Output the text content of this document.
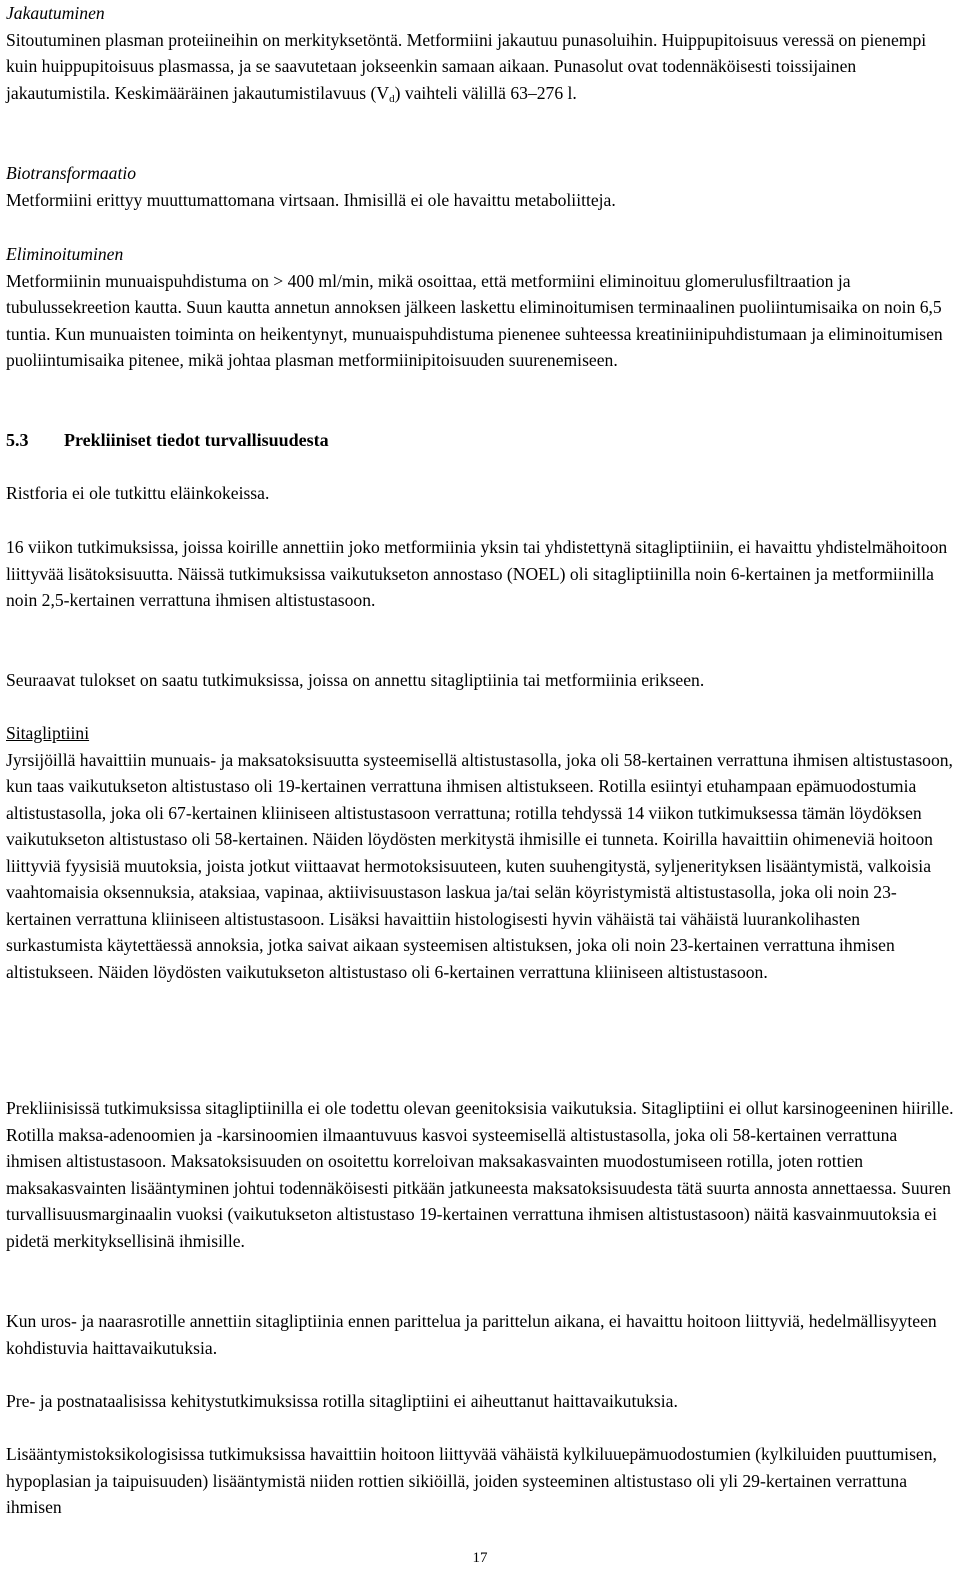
Jakautuminen

Sitoutuminen plasman proteiineihin on merkityksetöntä. Metformiini jakautuu punasoluihin. Huippupitoisuus veressä on pienempi kuin huippupitoisuus plasmassa, ja se saavutetaan jokseenkin samaan aikaan. Punasolut ovat todennäköisesti toissijainen jakautumistila. Keskimääräinen jakautumistilavuus $(V_d)$ vaihteli välillä 63–276 l.

Biotransformaatio

Metformiini erittyy muuttumattomana virtsaan. Ihmisillä ei ole havaittu metaboliitteja.

Eliminoituminen

Metformiinin munuaispuhdistuma on > 400 ml/min, mikä osoittaa, että metformiini eliminoituu glomerulusfiltraation ja tubulussekreetion kautta. Suun kautta annetun annoksen jälkeen laskettu eliminoitumisen terminaalinen puoliintumisaika on noin 6,5 tuntia. Kun munuaisten toiminta on heikentynyt, munuaispuhdistuma pienenee suhteessa kreatiniinipuhdistumaan ja eliminoitumisen puoliintumisaika pitenee, mikä johtaa plasman metformiinipitoisuuden suurenemiseen.

5.3 Prekliiniset tiedot turvallisuudesta

Ristforia ei ole tutkittu eläinkokeissa.

16 viikon tutkimuksissa, joissa koirille annettiin joko metformiinia yksin tai yhdistettynä sitagliptiiniin, ei havaittu yhdistelmähoitoon liittyvää lisätoksisuutta. Näissä tutkimuksissa vaikutukseton annostaso (NOEL) oli sitagliptiinilla noin 6-kertainen ja metformiinilla noin 2,5-kertainen verrattuna ihmisen altistustasoon.

Seuraavat tulokset on saatu tutkimuksissa, joissa on annettu sitagliptiinia tai metformiinia erikseen.

Sitagliptiini

Jyrsijöillä havaittiin munuais- ja maksatoksisuutta systeemisellä altistustasolla, joka oli 58-kertainen verrattuna ihmisen altistustasoon, kun taas vaikutukseton altistustaso oli 19-kertainen verrattuna ihmisen altistukseen. Rotilla esiintyi etuhampaan epämuodostumia altistustasolla, joka oli 67-kertainen kliiniseen altistustasoon verrattuna; rotilla tehdyssä 14 viikon tutkimuksessa tämän löydöksen vaikutukseton altistustaso oli 58-kertainen. Näiden löydösten merkitystä ihmisille ei tunneta. Koirilla havaittiin ohimeneviä hoitoon liittyviä fyysisiä muutoksia, joista jotkut viittaavat hermotoksisuuteen, kuten suuhengitystä, syljenerityksen lisääntymistä, valkoisia vaahtomaisia oksennuksia, ataksiaa, vapinaa, aktiivisuustason laskua ja/tai selän köyristymistä altistustasolla, joka oli noin 23-kertainen verrattuna kliiniseen altistustasoon. Lisäksi havaittiin histologisesti hyvin vähäistä tai vähäistä luurankolihasten surkastumista käytettäessä annoksia, jotka saivat aikaan systeemisen altistuksen, joka oli noin 23-kertainen verrattuna ihmisen altistukseen. Näiden löydösten vaikutukseton altistustaso oli 6-kertainen verrattuna kliiniseen altistustasoon.

Prekliinisissä tutkimuksissa sitagliptiinilla ei ole todettu olevan geenitoksisia vaikutuksia. Sitagliptiini ei ollut karsinogeeninen hiirille. Rotilla maksa-adenoomien ja -karsinoomien ilmaantuvuus kasvoi systeemisellä altistustasolla, joka oli 58-kertainen verrattuna ihmisen altistustasoon. Maksatoksisuuden on osoitettu korreloivan maksakasvainten muodostumiseen rotilla, joten rottien maksakasvainten lisääntyminen johtui todennäköisesti pitkään jatkuneesta maksatoksisuudesta tätä suurta annosta annettaessa. Suuren turvallisuusmarginaalin vuoksi (vaikutukseton altistustaso 19-kertainen verrattuna ihmisen altistustasoon) näitä kasvainmuutoksia ei pidetä merkityksellisinä ihmisille.

Kun uros- ja naarasrotille annettiin sitagliptiinia ennen parittelua ja parittelun aikana, ei havaittu hoitoon liittyviä, hedelmällisyyteen kohdistuvia haittavaikutuksia.

Pre- ja postnataalisissa kehitystutkimuksissa rotilla sitagliptiini ei aiheuttanut haittavaikutuksia.

Lisääntymistoksikologisissa tutkimuksissa havaittiin hoitoon liittyvää vähäistä kylkiluuepämuodostumien (kylkiluiden puuttumisen, hypoplasian ja taipuisuuden) lisääntymistä niiden rottien sikiöillä, joiden systeeminen altistustaso oli yli 29-kertainen verrattuna ihmisen

17
